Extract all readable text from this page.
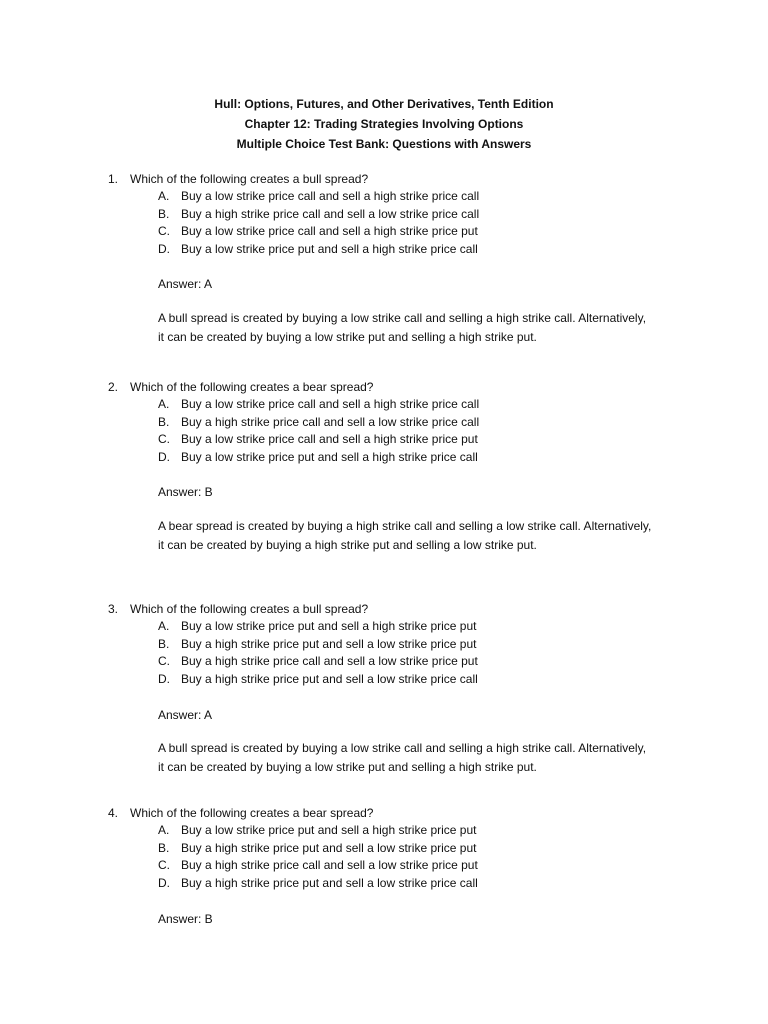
Hull: Options, Futures, and Other Derivatives, Tenth Edition
Chapter 12: Trading Strategies Involving Options
Multiple Choice Test Bank: Questions with Answers
1. Which of the following creates a bull spread?
A. Buy a low strike price call and sell a high strike price call
B. Buy a high strike price call and sell a low strike price call
C. Buy a low strike price call and sell a high strike price put
D. Buy a low strike price put and sell a high strike price call
Answer: A
A bull spread is created by buying a low strike call and selling a high strike call. Alternatively,
it can be created by buying a low strike put and selling a high strike put.
2. Which of the following creates a bear spread?
A. Buy a low strike price call and sell a high strike price call
B. Buy a high strike price call and sell a low strike price call
C. Buy a low strike price call and sell a high strike price put
D. Buy a low strike price put and sell a high strike price call
Answer: B
A bear spread is created by buying a high strike call and selling a low strike call. Alternatively,
it can be created by buying a high strike put and selling a low strike put.
3. Which of the following creates a bull spread?
A. Buy a low strike price put and sell a high strike price put
B. Buy a high strike price put and sell a low strike price put
C. Buy a high strike price call and sell a low strike price put
D. Buy a high strike price put and sell a low strike price call
Answer: A
A bull spread is created by buying a low strike call and selling a high strike call. Alternatively,
it can be created by buying a low strike put and selling a high strike put.
4. Which of the following creates a bear spread?
A. Buy a low strike price put and sell a high strike price put
B. Buy a high strike price put and sell a low strike price put
C. Buy a high strike price call and sell a low strike price put
D. Buy a high strike price put and sell a low strike price call
Answer: B
